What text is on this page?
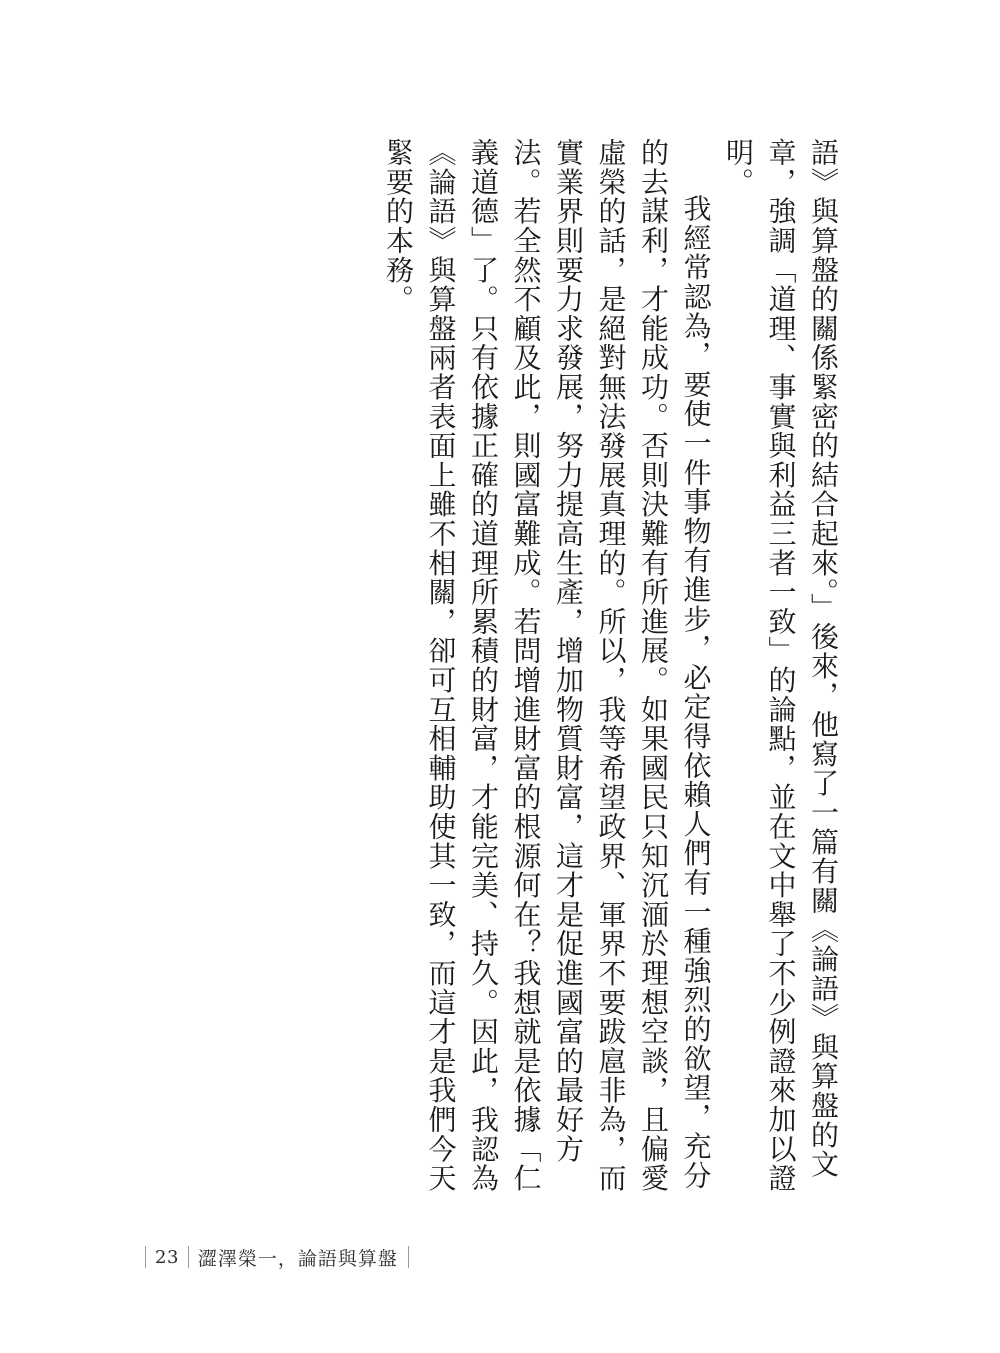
語》與算盤的關係緊密的結合起來。」後來，他寫了一篇有關《論語》與算盤的文章，強調「道理、事實與利益三者一致」的論點，並在文中舉了不少例證來加以證明。

我經常認為，要使一件事物有進步，必定得依賴人們有一種強烈的欲望，充分的去謀利，才能成功。否則決難有所進展。如果國民只知沉湎於理想空談，且偏愛虛榮的話，是絕對無法發展真理的。所以，我等希望政界、軍界不要跋扈非為，而實業界則要力求發展，努力提高生產，增加物質財富，這才是促進國富的最好方法。若全然不顧及此，則國富難成。若問增進財富的根源何在？我想就是依據「仁義道德」了。只有依據正確的道理所累積的財富，才能完美、持久。因此，我認為《論語》與算盤兩者表面上雖不相關，卻可互相輔助使其一致，而這才是我們今天緊要的本務。

23	澀澤榮一，論語與算盤
